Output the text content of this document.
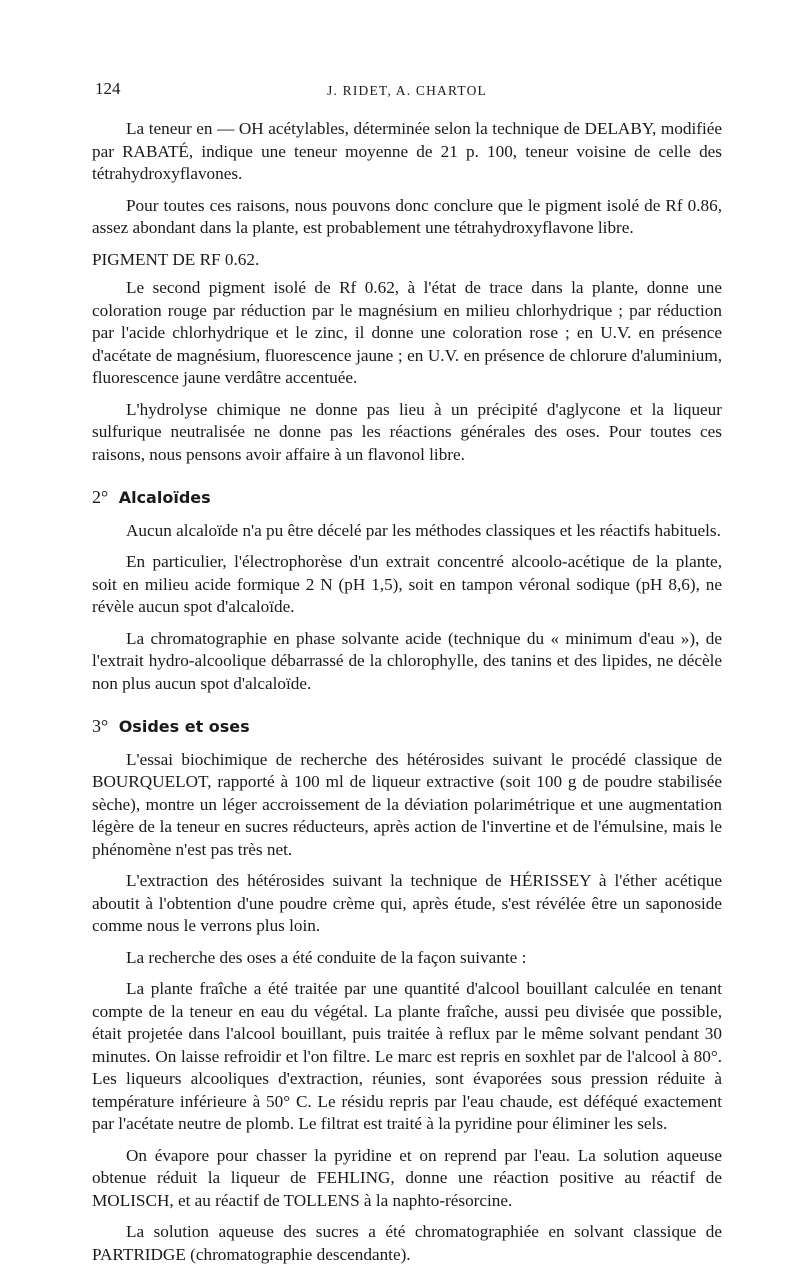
124	J. RIDET, A. CHARTOL

La teneur en — OH acétylables, déterminée selon la technique de DELABY, modifiée par RABATÉ, indique une teneur moyenne de 21 p. 100, teneur voisine de celle des tétrahydroxyflavones.

Pour toutes ces raisons, nous pouvons donc conclure que le pigment isolé de Rf 0.86, assez abondant dans la plante, est probablement une tétrahydroxyflavone libre.

PIGMENT DE RF 0.62.

Le second pigment isolé de Rf 0.62, à l'état de trace dans la plante, donne une coloration rouge par réduction par le magnésium en milieu chlorhydrique ; par réduction par l'acide chlorhydrique et le zinc, il donne une coloration rose ; en U.V. en présence d'acétate de magnésium, fluorescence jaune ; en U.V. en présence de chlorure d'aluminium, fluorescence jaune verdâtre accentuée.

L'hydrolyse chimique ne donne pas lieu à un précipité d'aglycone et la liqueur sulfurique neutralisée ne donne pas les réactions générales des oses. Pour toutes ces raisons, nous pensons avoir affaire à un flavonol libre.

2° Alcaloïdes

Aucun alcaloïde n'a pu être décelé par les méthodes classiques et les réactifs habituels.

En particulier, l'électrophorèse d'un extrait concentré alcoolo-acétique de la plante, soit en milieu acide formique 2 N (pH 1,5), soit en tampon véronal sodique (pH 8,6), ne révèle aucun spot d'alcaloïde.

La chromatographie en phase solvante acide (technique du « minimum d'eau »), de l'extrait hydro-alcoolique débarrassé de la chlorophylle, des tanins et des lipides, ne décèle non plus aucun spot d'alcaloïde.

3° Osides et oses

L'essai biochimique de recherche des hétérosides suivant le procédé classique de BOURQUELOT, rapporté à 100 ml de liqueur extractive (soit 100 g de poudre stabilisée sèche), montre un léger accroissement de la déviation polarimétrique et une augmentation légère de la teneur en sucres réducteurs, après action de l'invertine et de l'émulsine, mais le phénomène n'est pas très net.

L'extraction des hétérosides suivant la technique de HÉRISSEY à l'éther acétique aboutit à l'obtention d'une poudre crème qui, après étude, s'est révélée être un saponoside comme nous le verrons plus loin.

La recherche des oses a été conduite de la façon suivante :

La plante fraîche a été traitée par une quantité d'alcool bouillant calculée en tenant compte de la teneur en eau du végétal. La plante fraîche, aussi peu divisée que possible, était projetée dans l'alcool bouillant, puis traitée à reflux par le même solvant pendant 30 minutes. On laisse refroidir et l'on filtre. Le marc est repris en soxhlet par de l'alcool à 80°. Les liqueurs alcooliques d'extraction, réunies, sont évaporées sous pression réduite à température inférieure à 50° C. Le résidu repris par l'eau chaude, est déféqué exactement par l'acétate neutre de plomb. Le filtrat est traité à la pyridine pour éliminer les sels.

On évapore pour chasser la pyridine et on reprend par l'eau. La solution aqueuse obtenue réduit la liqueur de FEHLING, donne une réaction positive au réactif de MOLISCH, et au réactif de TOLLENS à la naphto-résorcine.

La solution aqueuse des sucres a été chromatographiée en solvant classique de PARTRIDGE (chromatographie descendante).
